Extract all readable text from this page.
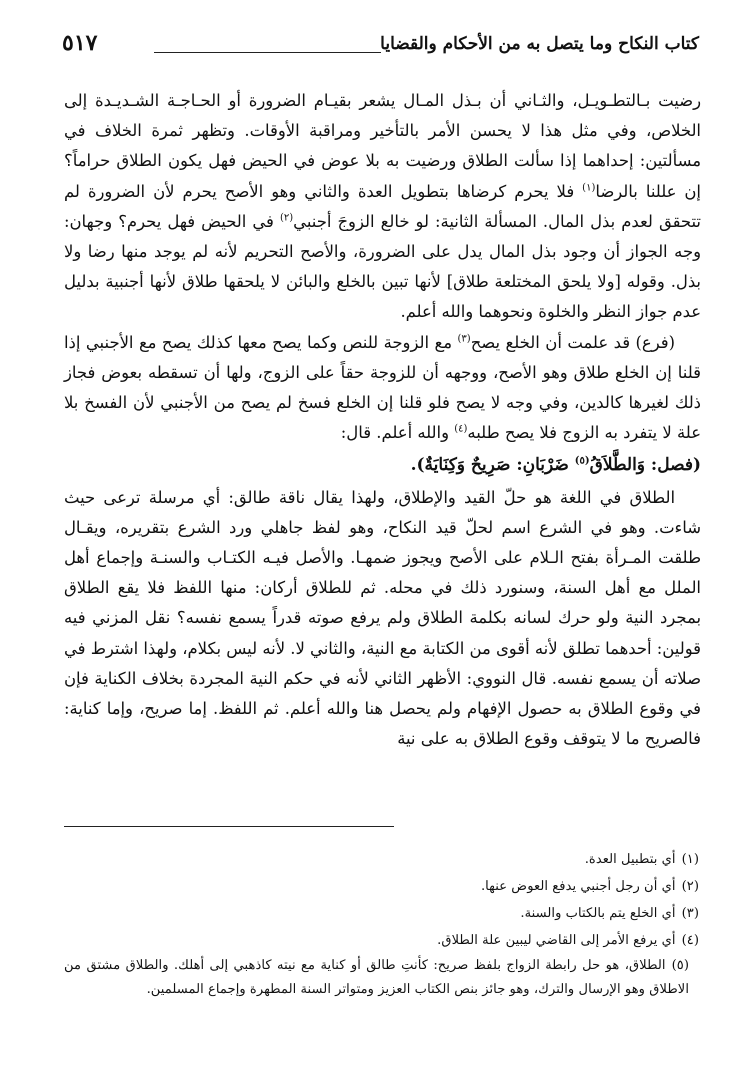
كتاب النكاح وما يتصل به من الأحكام والقضايا
٥١٧

رضيت بـالتطـويـل، والثـاني أن بـذل المـال يشعر بقيـام الضرورة أو الحـاجـة الشـديـدة إلى الخلاص، وفي مثل هذا لا يحسن الأمر بالتأخير ومراقبة الأوقات. وتظهر ثمرة الخلاف في مسألتين: إحداهما إذا سألت الطلاق ورضيت به بلا عوض في الحيض فهل يكون الطلاق حراماً؟ إن عللنا بالرضا$^{(١)}$ فلا يحرم كرضاها بتطويل العدة والثاني وهو الأصح يحرم لأن الضرورة لم تتحقق لعدم بذل المال. المسألة الثانية: لو خالع الزوجَ أجنبي$^{(٢)}$ في الحيض فهل يحرم؟ وجهان: وجه الجواز أن وجود بذل المال يدل على الضرورة، والأصح التحريم لأنه لم يوجد منها رضا ولا بذل. وقوله [ولا يلحق المختلعة طلاق] لأنها تبين بالخلع والبائن لا يلحقها طلاق لأنها أجنبية بدليل عدم جواز النظر والخلوة ونحوهما والله أعلم.

(فرع) قد علمت أن الخلع يصح$^{(٣)}$ مع الزوجة للنص وكما يصح معها كذلك يصح مع الأجنبي إذا قلنا إن الخلع طلاق وهو الأصح، ووجهه أن للزوجة حقاً على الزوج، ولها أن تسقطه بعوض فجاز ذلك لغيرها كالدين، وفي وجه لا يصح فلو قلنا إن الخلع فسخ لم يصح من الأجنبي لأن الفسخ بلا علة لا يتفرد به الزوج فلا يصح طلبه$^{(٤)}$ والله أعلم. قال:

(فصل: وَالطَّلاَقُ$^{(٥)}$ ضَرْبَانِ: صَرِيحٌ وَكِنَايَةٌ).

الطلاق في اللغة هو حلّ القيد والإطلاق، ولهذا يقال ناقة طالق: أي مرسلة ترعى حيث شاءت. وهو في الشرع اسم لحلّ قيد النكاح، وهو لفظ جاهلي ورد الشرع بتقريره، ويقـال طلقت المـرأة بفتح الـلام على الأصح ويجوز ضمهـا. والأصل فيـه الكتـاب والسنـة وإجماع أهل الملل مع أهل السنة، وسنورد ذلك في محله. ثم للطلاق أركان: منها اللفظ فلا يقع الطلاق بمجرد النية ولو حرك لسانه بكلمة الطلاق ولم يرفع صوته قدراً يسمع نفسه؟ نقل المزني فيه قولين: أحدهما تطلق لأنه أقوى من الكتابة مع النية، والثاني لا. لأنه ليس بكلام، ولهذا اشترط في صلاته أن يسمع نفسه. قال النووي: الأظهر الثاني لأنه في حكم النية المجردة بخلاف الكناية فإن في وقوع الطلاق به حصول الإفهام ولم يحصل هنا والله أعلم. ثم اللفظ. إما صريح، وإما كناية: فالصريح ما لا يتوقف وقوع الطلاق به على نية

(١)أي بتطبيل العدة.

(٢)أي أن رجل أجنبي يدفع العوض عنها.

(٣)أي الخلع يتم بالكتاب والسنة.

(٤)أي يرفع الأمر إلى القاضي ليبين علة الطلاق.

(٥)الطلاق، هو حل رابطة الزواج بلفظ صريح: كأنتِ طالق أو كناية مع نيته كاذهبي إلى أهلك. والطلاق مشتق من الاطلاق وهو الإرسال والترك، وهو جائز بنص الكتاب العزيز ومتواتر السنة المطهرة وإجماع المسلمين.
